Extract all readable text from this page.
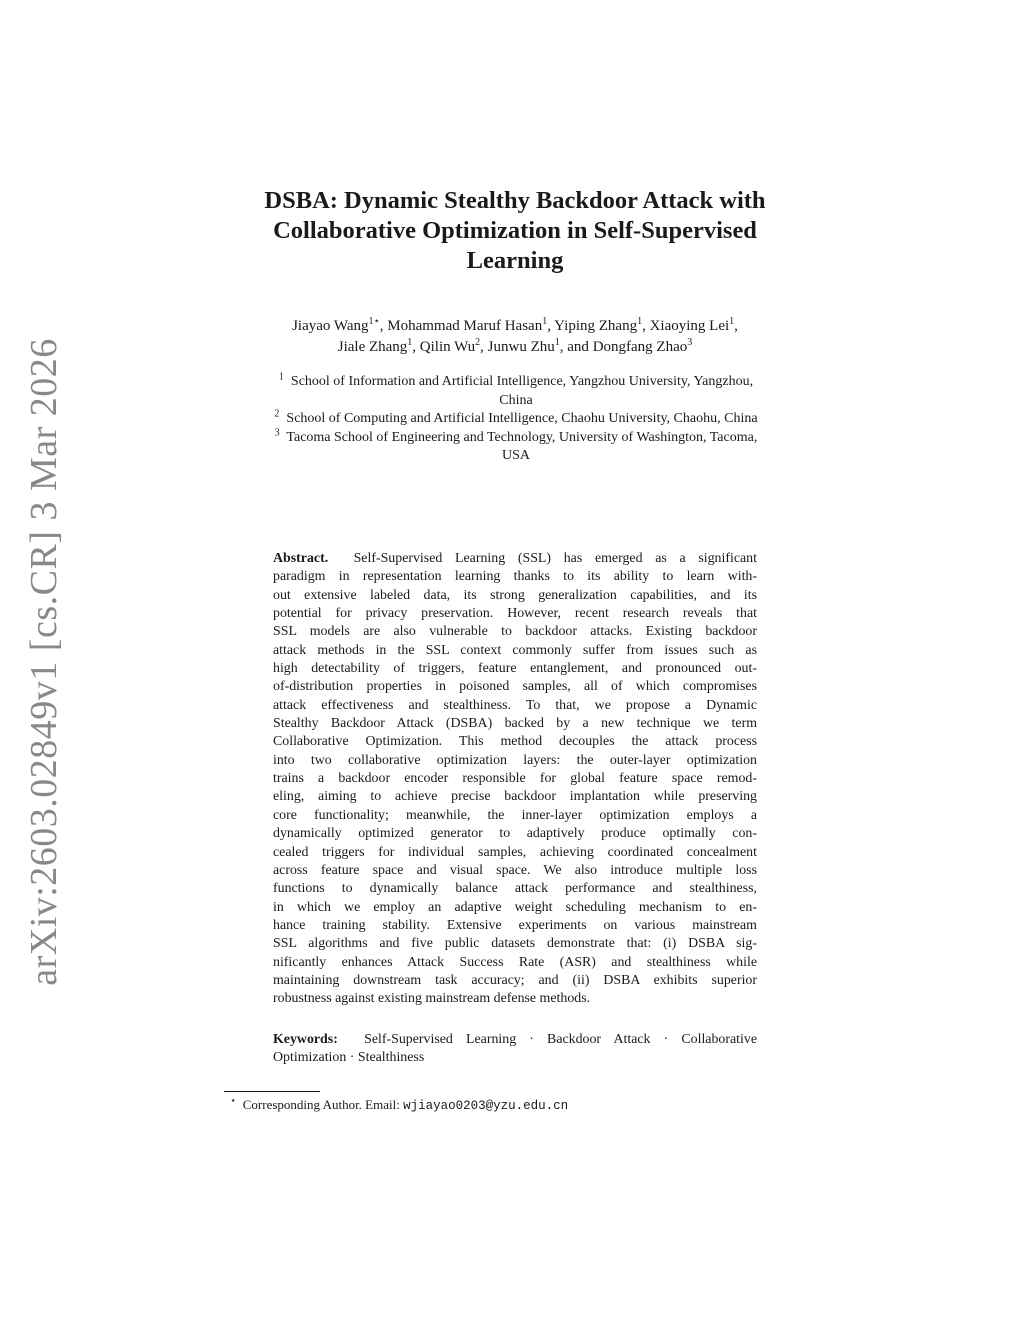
arXiv:2603.02849v1 [cs.CR] 3 Mar 2026
DSBA: Dynamic Stealthy Backdoor Attack with
Collaborative Optimization in Self-Supervised
Learning
Jiayao Wang$^{1⋆}$, Mohammad Maruf Hasan$^1$, Yiping Zhang$^1$, Xiaoying Lei$^1$,
Jiale Zhang$^1$, Qilin Wu$^2$, Junwu Zhu$^1$, and Dongfang Zhao$^3$
$^1$ School of Information and Artificial Intelligence, Yangzhou University, Yangzhou,
China
$^2$ School of Computing and Artificial Intelligence, Chaohu University, Chaohu, China
$^3$ Tacoma School of Engineering and Technology, University of Washington, Tacoma,
USA
Abstract. Self-Supervised Learning (SSL) has emerged as a significant
paradigm in representation learning thanks to its ability to learn with-
out extensive labeled data, its strong generalization capabilities, and its
potential for privacy preservation. However, recent research reveals that
SSL models are also vulnerable to backdoor attacks. Existing backdoor
attack methods in the SSL context commonly suffer from issues such as
high detectability of triggers, feature entanglement, and pronounced out-
of-distribution properties in poisoned samples, all of which compromises
attack effectiveness and stealthiness. To that, we propose a Dynamic
Stealthy Backdoor Attack (DSBA) backed by a new technique we term
Collaborative Optimization. This method decouples the attack process
into two collaborative optimization layers: the outer-layer optimization
trains a backdoor encoder responsible for global feature space remod-
eling, aiming to achieve precise backdoor implantation while preserving
core functionality; meanwhile, the inner-layer optimization employs a
dynamically optimized generator to adaptively produce optimally con-
cealed triggers for individual samples, achieving coordinated concealment
across feature space and visual space. We also introduce multiple loss
functions to dynamically balance attack performance and stealthiness,
in which we employ an adaptive weight scheduling mechanism to en-
hance training stability. Extensive experiments on various mainstream
SSL algorithms and five public datasets demonstrate that: (i) DSBA sig-
nificantly enhances Attack Success Rate (ASR) and stealthiness while
maintaining downstream task accuracy; and (ii) DSBA exhibits superior
robustness against existing mainstream defense methods.
Keywords: Self-Supervised Learning · Backdoor Attack · Collaborative
Optimization · Stealthiness
⋆ Corresponding Author. Email: wjiayao0203@yzu.edu.cn
